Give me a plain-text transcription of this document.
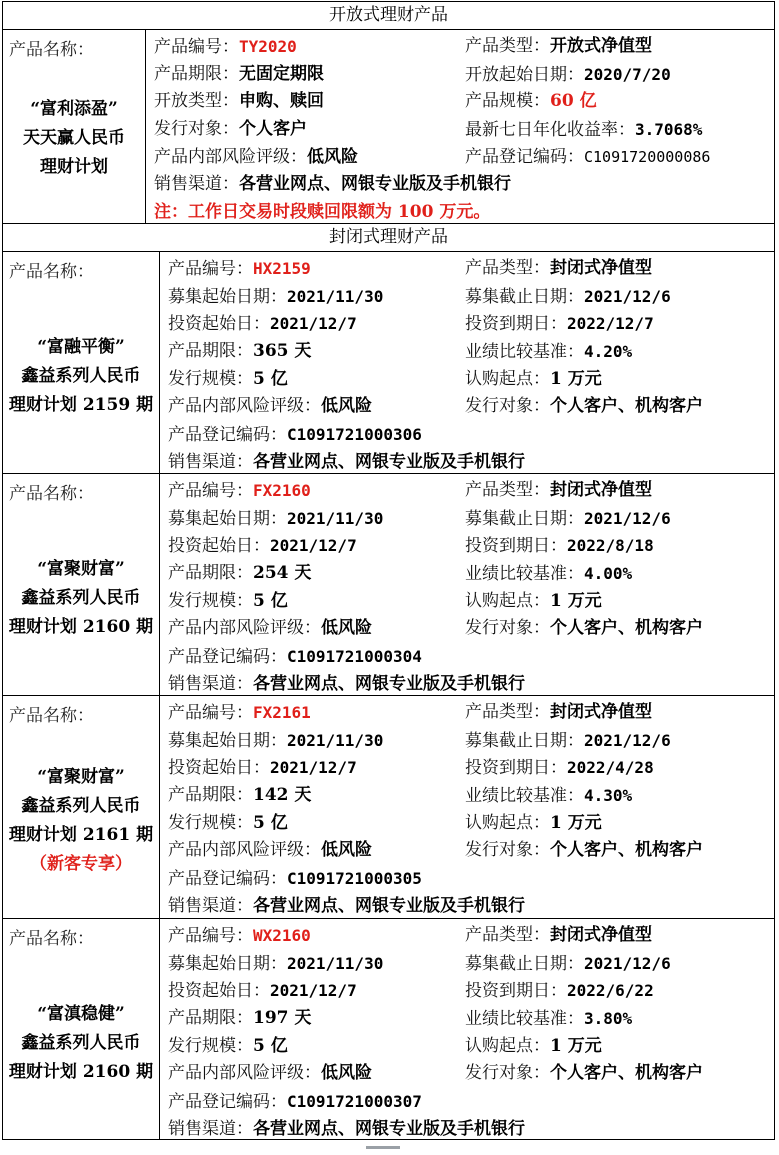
开放式理财产品
产品名称：
“富利添盈”
天天赢人民币
理财计划
产品编号：TY2020	产品类型：开放式净值型
产品期限：无固定期限	开放起始日期：2020/7/20
开放类型：申购、赎回	产品规模：60 亿
发行对象：个人客户	最新七日年化收益率：3.7068%
产品内部风险评级：低风险	产品登记编码：C1091720000086
销售渠道：各营业网点、网银专业版及手机银行
注：工作日交易时段赎回限额为 100 万元。
封闭式理财产品
产品名称：
“富融平衡”
鑫益系列人民币
理财计划 2159 期
产品编号：HX2159	产品类型：封闭式净值型
募集起始日期：2021/11/30	募集截止日期：2021/12/6
投资起始日：2021/12/7	投资到期日：2022/12/7
产品期限：365 天	业绩比较基准：4.20%
发行规模：5 亿	认购起点：1 万元
产品内部风险评级：低风险	发行对象：个人客户、机构客户
产品登记编码：C1091721000306
销售渠道：各营业网点、网银专业版及手机银行
产品名称：
“富聚财富”
鑫益系列人民币
理财计划 2160 期
产品编号：FX2160	产品类型：封闭式净值型
募集起始日期：2021/11/30	募集截止日期：2021/12/6
投资起始日：2021/12/7	投资到期日：2022/8/18
产品期限：254 天	业绩比较基准：4.00%
发行规模：5 亿	认购起点：1 万元
产品内部风险评级：低风险	发行对象：个人客户、机构客户
产品登记编码：C1091721000304
销售渠道：各营业网点、网银专业版及手机银行
产品名称：
“富聚财富”
鑫益系列人民币
理财计划 2161 期
（新客专享）
产品编号：FX2161	产品类型：封闭式净值型
募集起始日期：2021/11/30	募集截止日期：2021/12/6
投资起始日：2021/12/7	投资到期日：2022/4/28
产品期限：142 天	业绩比较基准：4.30%
发行规模：5 亿	认购起点：1 万元
产品内部风险评级：低风险	发行对象：个人客户、机构客户
产品登记编码：C1091721000305
销售渠道：各营业网点、网银专业版及手机银行
产品名称：
“富滇稳健”
鑫益系列人民币
理财计划 2160 期
产品编号：WX2160	产品类型：封闭式净值型
募集起始日期：2021/11/30	募集截止日期：2021/12/6
投资起始日：2021/12/7	投资到期日：2022/6/22
产品期限：197 天	业绩比较基准：3.80%
发行规模：5 亿	认购起点：1 万元
产品内部风险评级：低风险	发行对象：个人客户、机构客户
产品登记编码：C1091721000307
销售渠道：各营业网点、网银专业版及手机银行
